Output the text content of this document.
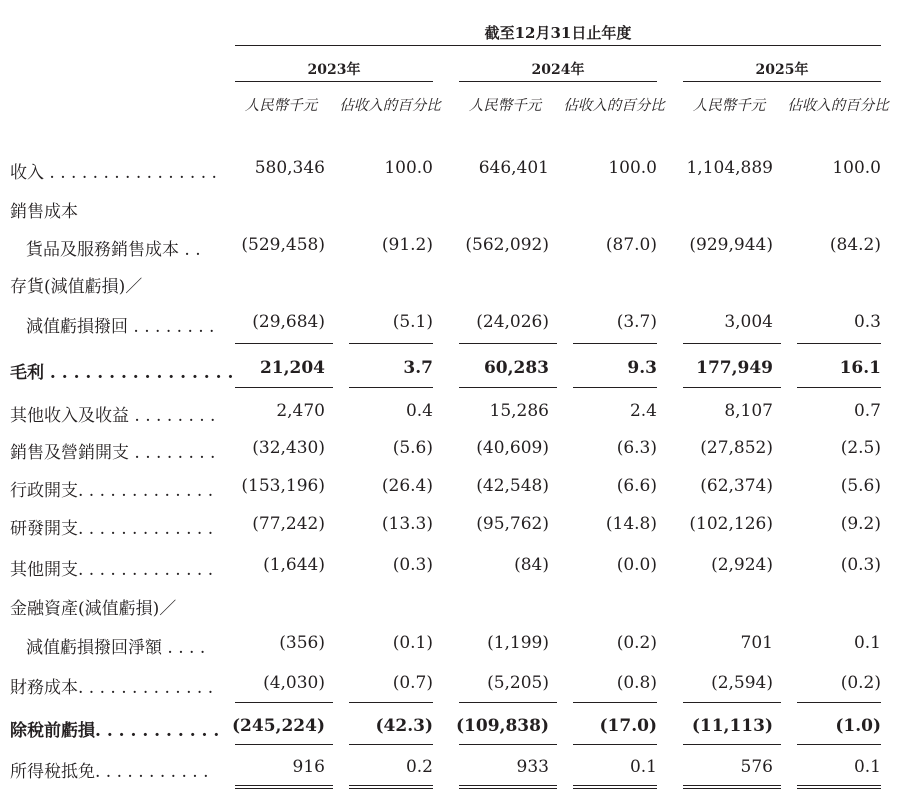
截至12月31日止年度
2023年	2024年	2025年
人民幣千元	佔收入的百分比	人民幣千元	佔收入的百分比	人民幣千元	佔收入的百分比
收入 . . . . . . . . . . . . . . . .	580,346	100.0	646,401	100.0	1,104,889	100.0
銷售成本
貨品及服務銷售成本 . .	(529,458)	(91.2)	(562,092)	(87.0)	(929,944)	(84.2)
存貨(減值虧損)／
減值虧損撥回 . . . . . . . .	(29,684)	(5.1)	(24,026)	(3.7)	3,004	0.3
毛利 . . . . . . . . . . . . . . . .	21,204	3.7	60,283	9.3	177,949	16.1
其他收入及收益 . . . . . . . .	2,470	0.4	15,286	2.4	8,107	0.7
銷售及營銷開支 . . . . . . . .	(32,430)	(5.6)	(40,609)	(6.3)	(27,852)	(2.5)
行政開支. . . . . . . . . . . . .	(153,196)	(26.4)	(42,548)	(6.6)	(62,374)	(5.6)
研發開支. . . . . . . . . . . . .	(77,242)	(13.3)	(95,762)	(14.8)	(102,126)	(9.2)
其他開支. . . . . . . . . . . . .	(1,644)	(0.3)	(84)	(0.0)	(2,924)	(0.3)
金融資產(減值虧損)／
減值虧損撥回淨額 . . . .	(356)	(0.1)	(1,199)	(0.2)	701	0.1
財務成本. . . . . . . . . . . . .	(4,030)	(0.7)	(5,205)	(0.8)	(2,594)	(0.2)
除稅前虧損. . . . . . . . . . . (245,224)	(42.3)	(109,838)	(17.0)	(11,113)	(1.0)
所得稅抵免. . . . . . . . . . .	916	0.2	933	0.1	576	0.1
